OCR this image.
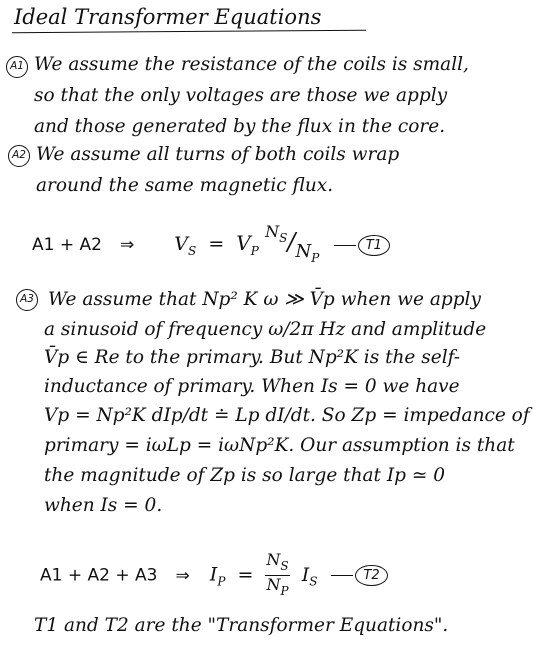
Ideal Transformer Equations
A1 We assume the resistance of the coils is small,
so that the only voltages are those we apply
and those generated by the flux in the core.
A2 We assume all turns of both coils wrap
around the same magnetic flux.
A1 + A2 ⇒ $V_S = V_P$ $N_S/N_P$ T1
A3 We assume that Np² K ω ≫ V̄p when we apply
a sinusoid of frequency ω/2π Hz and amplitude
V̄p ∈ Re to the primary. But Np²K is the self-
inductance of primary. When Is = 0 we have
Vp = Np²K dIp/dt ≐ Lp dI/dt. So Zp = impedance of
primary = iωLp = iωNp²K. Our assumption is that
the magnitude of Zp is so large that Ip ≃ 0
when Is = 0.
A1 + A2 + A3 ⇒ $I_P = \frac{N_S}{N_P} I_S$	T2
T1 and T2 are the "Transformer Equations".
